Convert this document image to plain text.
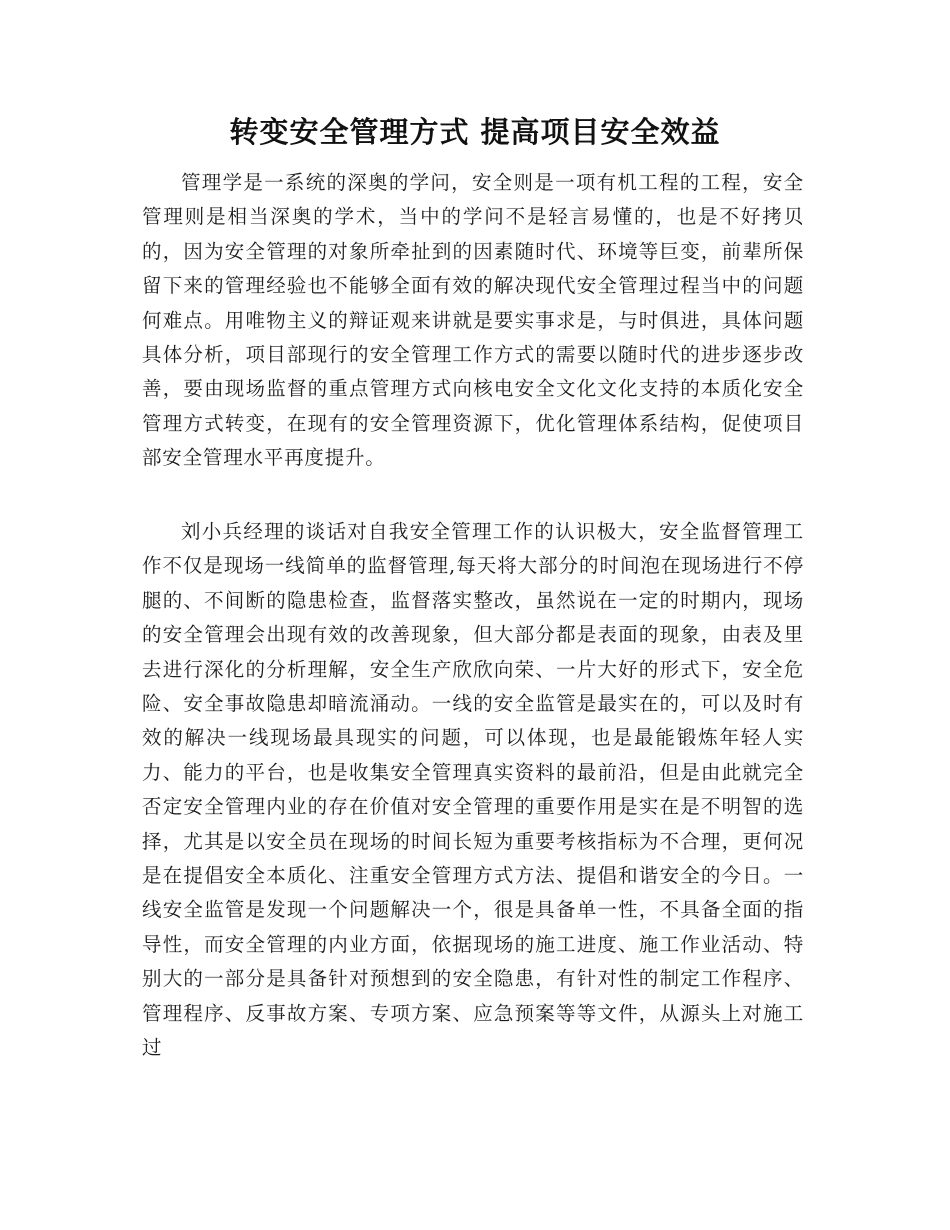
转变安全管理方式 提高项目安全效益

管理学是一系统的深奥的学问，安全则是一项有机工程的工程，安全管理则是相当深奥的学术，当中的学问不是轻言易懂的，也是不好拷贝的，因为安全管理的对象所牵扯到的因素随时代、环境等巨变，前辈所保留下来的管理经验也不能够全面有效的解决现代安全管理过程当中的问题何难点。用唯物主义的辩证观来讲就是要实事求是，与时俱进，具体问题具体分析，项目部现行的安全管理工作方式的需要以随时代的进步逐步改善，要由现场监督的重点管理方式向核电安全文化文化支持的本质化安全管理方式转变，在现有的安全管理资源下，优化管理体系结构，促使项目部安全管理水平再度提升。

刘小兵经理的谈话对自我安全管理工作的认识极大，安全监督管理工作不仅是现场一线简单的监督管理,每天将大部分的时间泡在现场进行不停腿的、不间断的隐患检查，监督落实整改，虽然说在一定的时期内，现场的安全管理会出现有效的改善现象，但大部分都是表面的现象，由表及里去进行深化的分析理解，安全生产欣欣向荣、一片大好的形式下，安全危险、安全事故隐患却暗流涌动。一线的安全监管是最实在的，可以及时有效的解决一线现场最具现实的问题，可以体现，也是最能锻炼年轻人实力、能力的平台，也是收集安全管理真实资料的最前沿，但是由此就完全否定安全管理内业的存在价值对安全管理的重要作用是实在是不明智的选择，尤其是以安全员在现场的时间长短为重要考核指标为不合理，更何况是在提倡安全本质化、注重安全管理方式方法、提倡和谐安全的今日。一线安全监管是发现一个问题解决一个，很是具备单一性，不具备全面的指导性，而安全管理的内业方面，依据现场的施工进度、施工作业活动、特别大的一部分是具备针对预想到的安全隐患，有针对性的制定工作程序、管理程序、反事故方案、专项方案、应急预案等等文件，从源头上对施工过
